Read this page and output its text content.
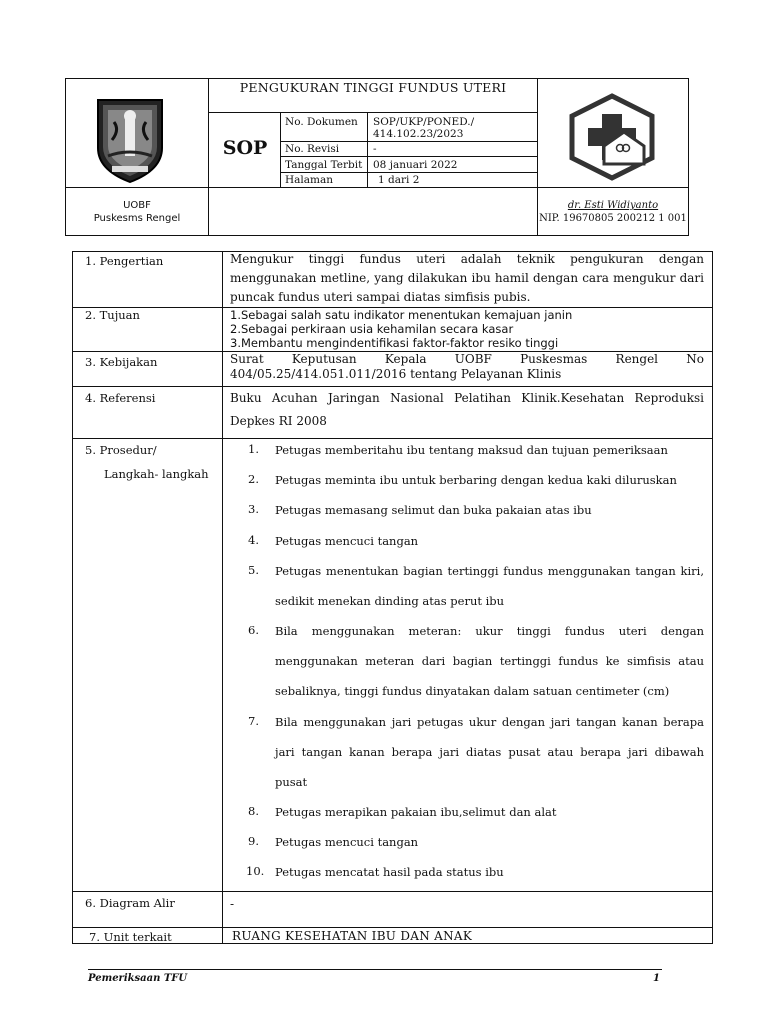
PENGUKURAN TINGGI FUNDUS UTERI
SOP
No. Dokumen SOP/UKP/PONED./ 414.102.23/2023
No. Revisi	-
Tanggal Terbit 08 januari 2022
Halaman	1 dari 2
UOBF
Puskesms Rengel
dr. Esti Widiyanto
NIP. 19670805 200212 1 001
1. Pengertian	Mengukur tinggi fundus uteri adalah teknik pengukuran dengan menggunakan metline, yang dilakukan ibu hamil dengan cara mengukur dari puncak fundus uteri sampai diatas simfisis pubis.
2. Tujuan	1.Sebagai salah satu indikator menentukan kemajuan janin
2.Sebagai perkiraan usia kehamilan secara kasar
3.Membantu mengindentifikasi faktor-faktor resiko tinggi
3. Kebijakan	Surat Keputusan Kepala UOBF Puskesmas Rengel No
404/05.25/414.051.011/2016 tentang Pelayanan Klinis
4. Referensi	Buku Acuhan Jaringan Nasional Pelatihan Klinik.Kesehatan Reproduksi
Depkes RI 2008
5. Prosedur/
Langkah- langkah
1.	Petugas memberitahu ibu tentang maksud dan tujuan pemeriksaan
2.	Petugas meminta ibu untuk berbaring dengan kedua kaki diluruskan
3.	Petugas memasang selimut dan buka pakaian atas ibu
4.	Petugas mencuci tangan
5.	Petugas menentukan bagian tertinggi fundus menggunakan tangan kiri, sedikit menekan dinding atas perut ibu
6.	Bila menggunakan meteran: ukur tinggi fundus uteri dengan menggunakan meteran dari bagian tertinggi fundus ke simfisis atau sebaliknya, tinggi fundus dinyatakan dalam satuan centimeter (cm)
7.	Bila menggunakan jari petugas ukur dengan jari tangan kanan berapa jari tangan kanan berapa jari diatas pusat atau berapa jari dibawah pusat
8.	Petugas merapikan pakaian ibu,selimut dan alat
9.	Petugas mencuci tangan
10. Petugas mencatat hasil pada status ibu
6. Diagram Alir	-
7. Unit terkait	RUANG KESEHATAN IBU DAN ANAK
Pemeriksaan TFU	1
